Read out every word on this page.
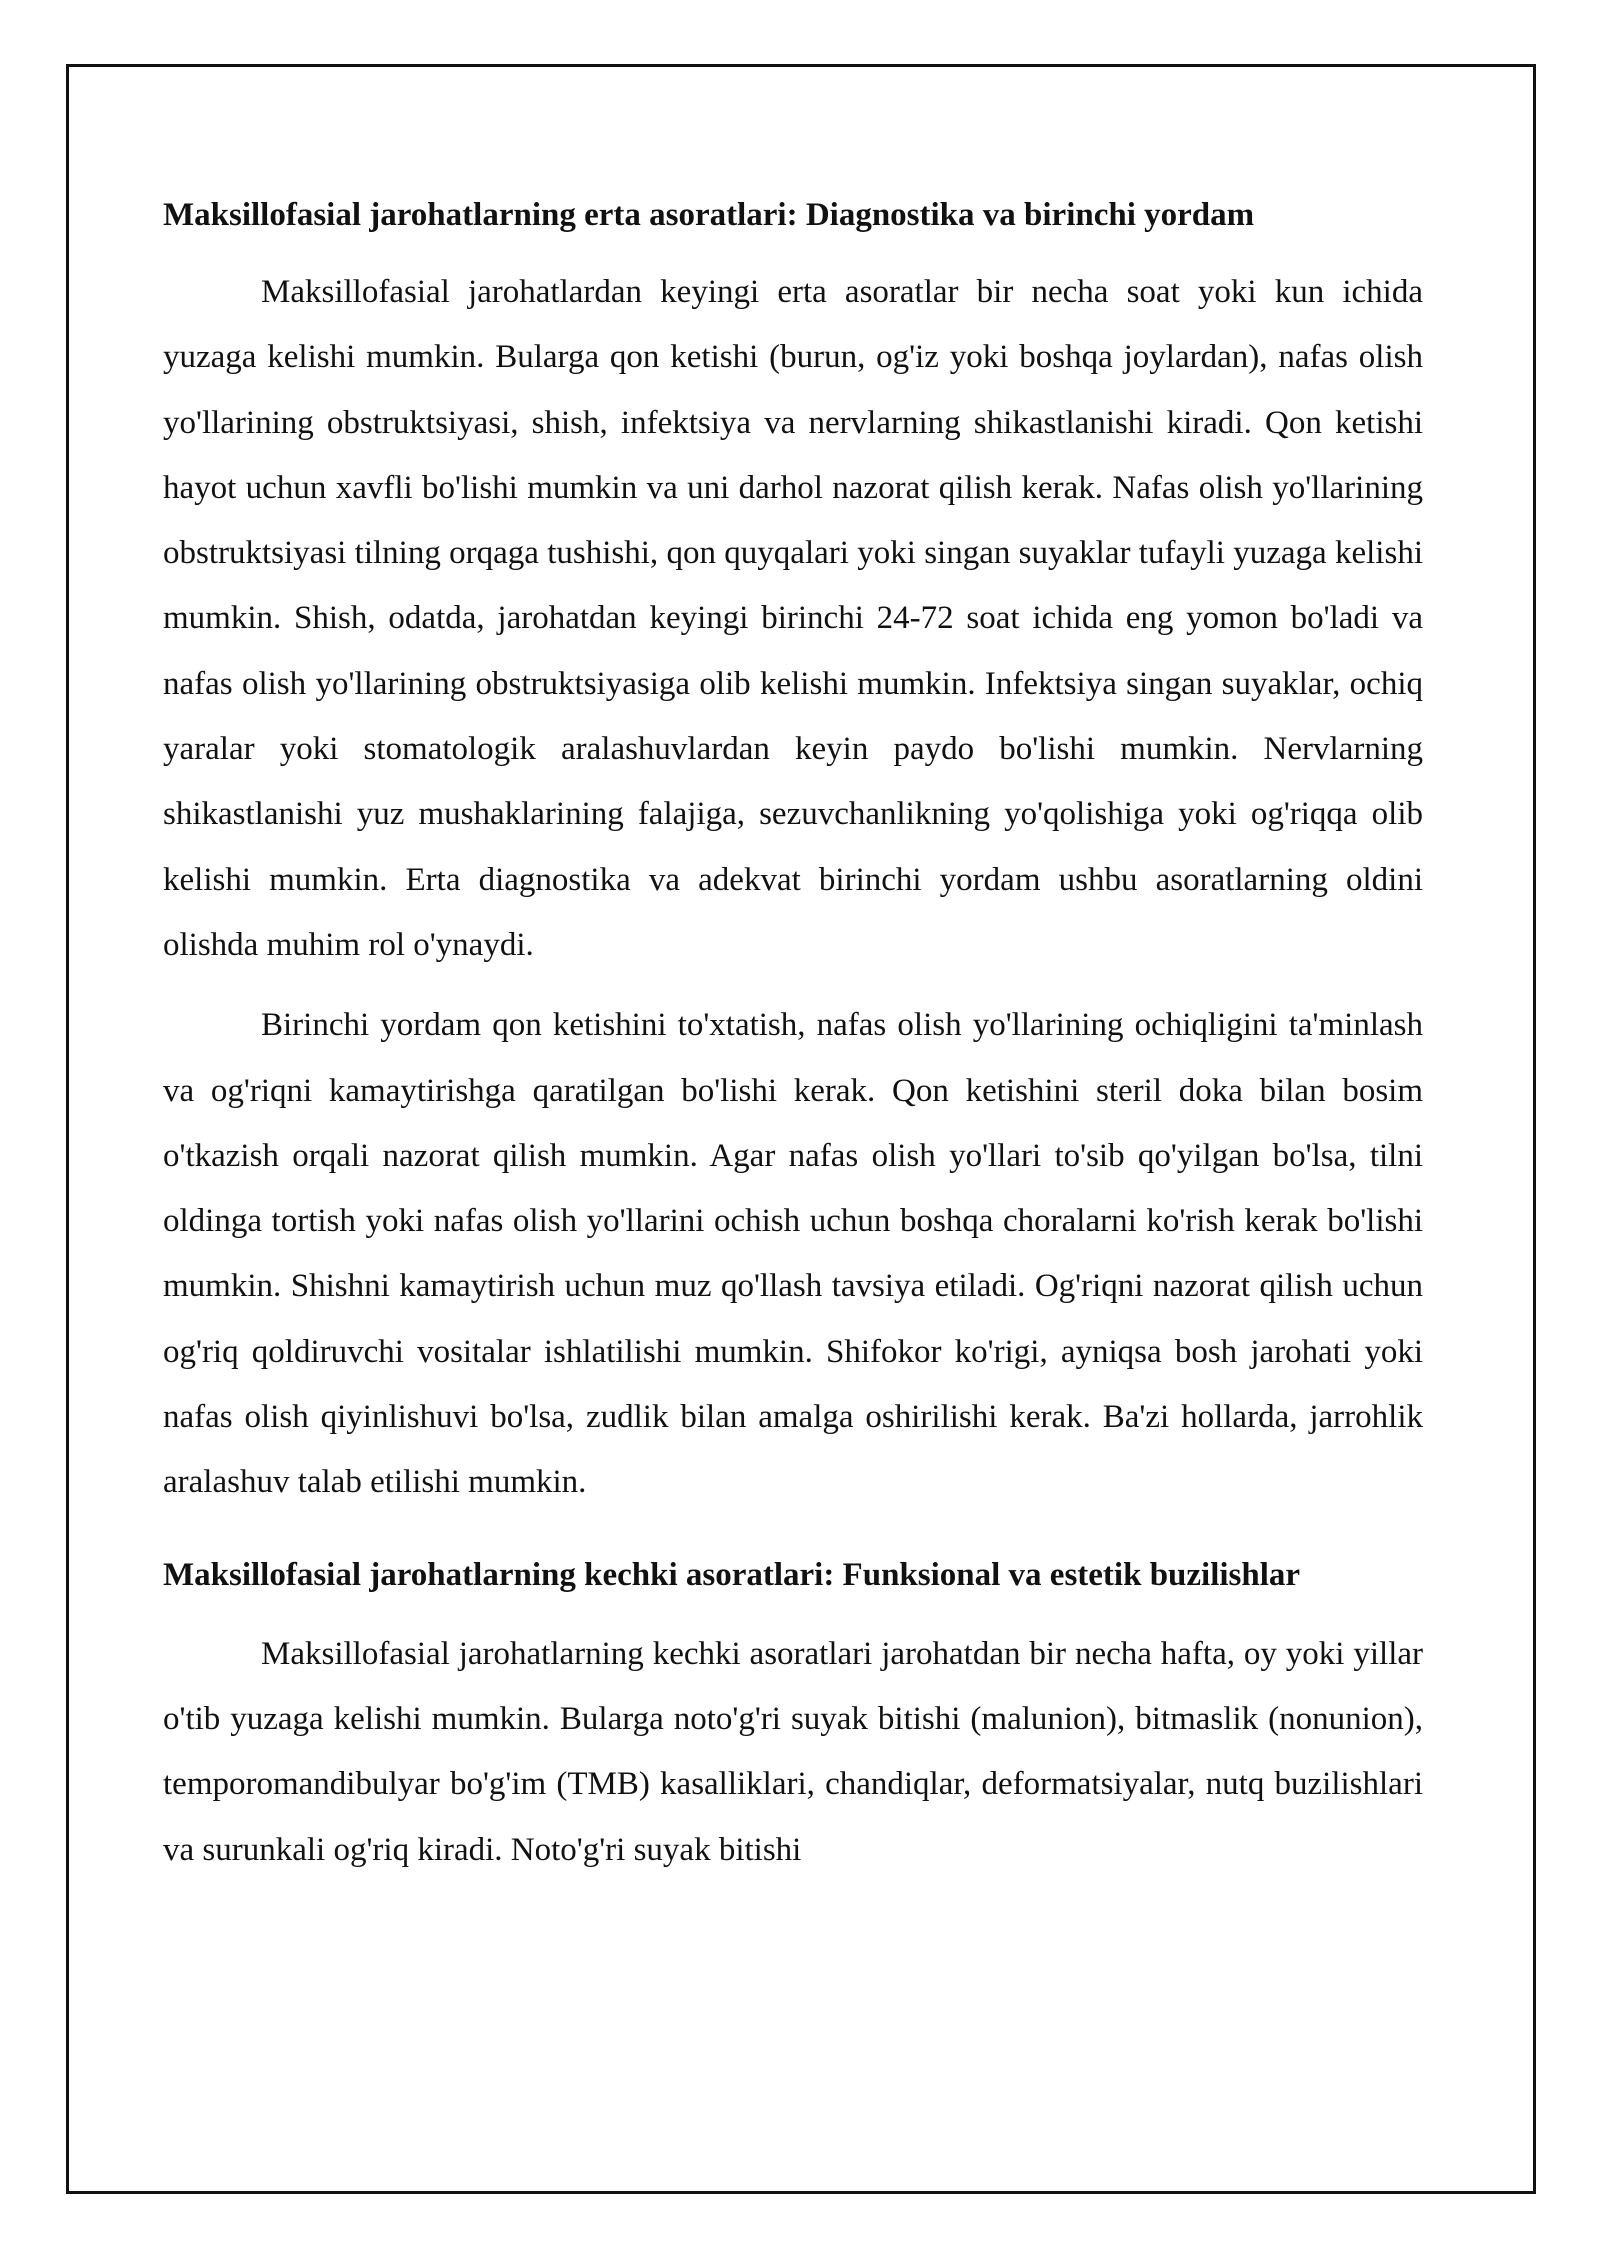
Maksillofasial jarohatlarning erta asoratlari: Diagnostika va birinchi yordam

Maksillofasial jarohatlardan keyingi erta asoratlar bir necha soat yoki kun ichida yuzaga kelishi mumkin. Bularga qon ketishi (burun, og'iz yoki boshqa joylardan), nafas olish yo'llarining obstruktsiyasi, shish, infektsiya va nervlarning shikastlanishi kiradi. Qon ketishi hayot uchun xavfli bo'lishi mumkin va uni darhol nazorat qilish kerak. Nafas olish yo'llarining obstruktsiyasi tilning orqaga tushishi, qon quyqalari yoki singan suyaklar tufayli yuzaga kelishi mumkin. Shish, odatda, jarohatdan keyingi birinchi 24-72 soat ichida eng yomon bo'ladi va nafas olish yo'llarining obstruktsiyasiga olib kelishi mumkin. Infektsiya singan suyaklar, ochiq yaralar yoki stomatologik aralashuvlardan keyin paydo bo'lishi mumkin. Nervlarning shikastlanishi yuz mushaklarining falajiga, sezuvchanlikning yo'qolishiga yoki og'riqqa olib kelishi mumkin. Erta diagnostika va adekvat birinchi yordam ushbu asoratlarning oldini olishda muhim rol o'ynaydi.

Birinchi yordam qon ketishini to'xtatish, nafas olish yo'llarining ochiqligini ta'minlash va og'riqni kamaytirishga qaratilgan bo'lishi kerak. Qon ketishini steril doka bilan bosim o'tkazish orqali nazorat qilish mumkin. Agar nafas olish yo'llari to'sib qo'yilgan bo'lsa, tilni oldinga tortish yoki nafas olish yo'llarini ochish uchun boshqa choralarni ko'rish kerak bo'lishi mumkin. Shishni kamaytirish uchun muz qo'llash tavsiya etiladi. Og'riqni nazorat qilish uchun og'riq qoldiruvchi vositalar ishlatilishi mumkin. Shifokor ko'rigi, ayniqsa bosh jarohati yoki nafas olish qiyinlishuvi bo'lsa, zudlik bilan amalga oshirilishi kerak. Ba'zi hollarda, jarrohlik aralashuv talab etilishi mumkin.

Maksillofasial jarohatlarning kechki asoratlari: Funksional va estetik buzilishlar

Maksillofasial jarohatlarning kechki asoratlari jarohatdan bir necha hafta, oy yoki yillar o'tib yuzaga kelishi mumkin. Bularga noto'g'ri suyak bitishi (malunion), bitmaslik (nonunion), temporomandibulyar bo'g'im (TMB) kasalliklari, chandiqlar, deformatsiyalar, nutq buzilishlari va surunkali og'riq kiradi. Noto'g'ri suyak bitishi
